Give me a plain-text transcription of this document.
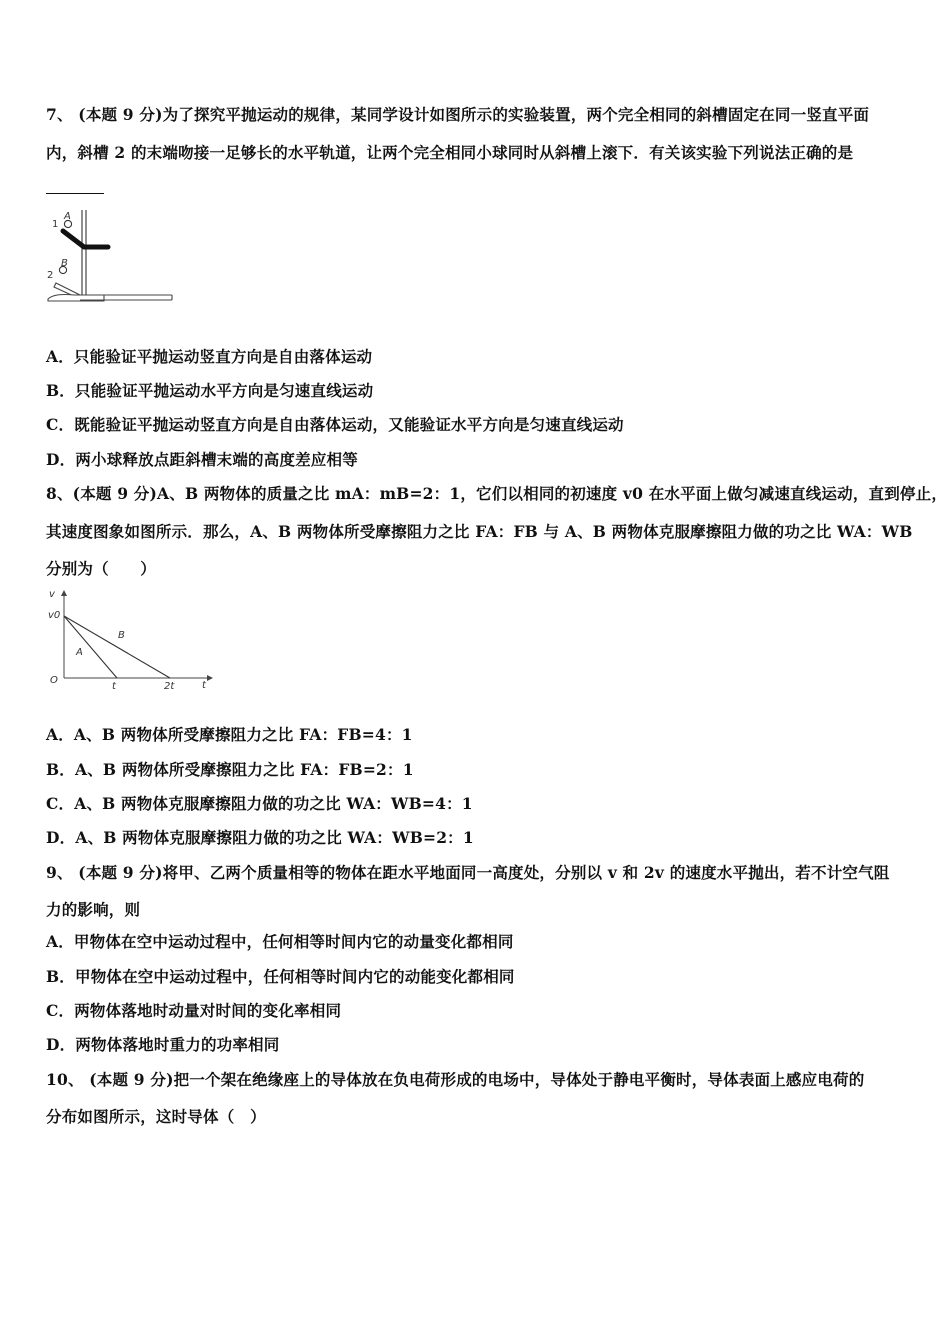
7、 (本题 9 分)为了探究平抛运动的规律，某同学设计如图所示的实验装置，两个完全相同的斜槽固定在同一竖直平面
内，斜槽 2 的末端吻接一足够长的水平轨道，让两个完全相同小球同时从斜槽上滚下．有关该实验下列说法正确的是
1
A
2
B
A．只能验证平抛运动竖直方向是自由落体运动
B．只能验证平抛运动水平方向是匀速直线运动
C．既能验证平抛运动竖直方向是自由落体运动，又能验证水平方向是匀速直线运动
D．两小球释放点距斜槽末端的高度差应相等
8、(本题 9 分)A、B 两物体的质量之比 mA：mB=2：1，它们以相同的初速度 v0 在水平面上做匀减速直线运动，直到停止，
其速度图象如图所示．那么，A、B 两物体所受摩擦阻力之比 FA：FB 与 A、B 两物体克服摩擦阻力做的功之比 WA：WB
分别为（　　）
v
t
O
v0
t	2t
A
B
A．A、B 两物体所受摩擦阻力之比 FA：FB=4：1
B．A、B 两物体所受摩擦阻力之比 FA：FB=2：1
C．A、B 两物体克服摩擦阻力做的功之比 WA：WB=4：1
D．A、B 两物体克服摩擦阻力做的功之比 WA：WB=2：1
9、 (本题 9 分)将甲、乙两个质量相等的物体在距水平地面同一高度处，分别以 v 和 2v 的速度水平抛出，若不计空气阻
力的影响，则
A．甲物体在空中运动过程中，任何相等时间内它的动量变化都相同
B．甲物体在空中运动过程中，任何相等时间内它的动能变化都相同
C．两物体落地时动量对时间的变化率相同
D．两物体落地时重力的功率相同
10、 (本题 9 分)把一个架在绝缘座上的导体放在负电荷形成的电场中，导体处于静电平衡时，导体表面上感应电荷的
分布如图所示，这时导体（　）
